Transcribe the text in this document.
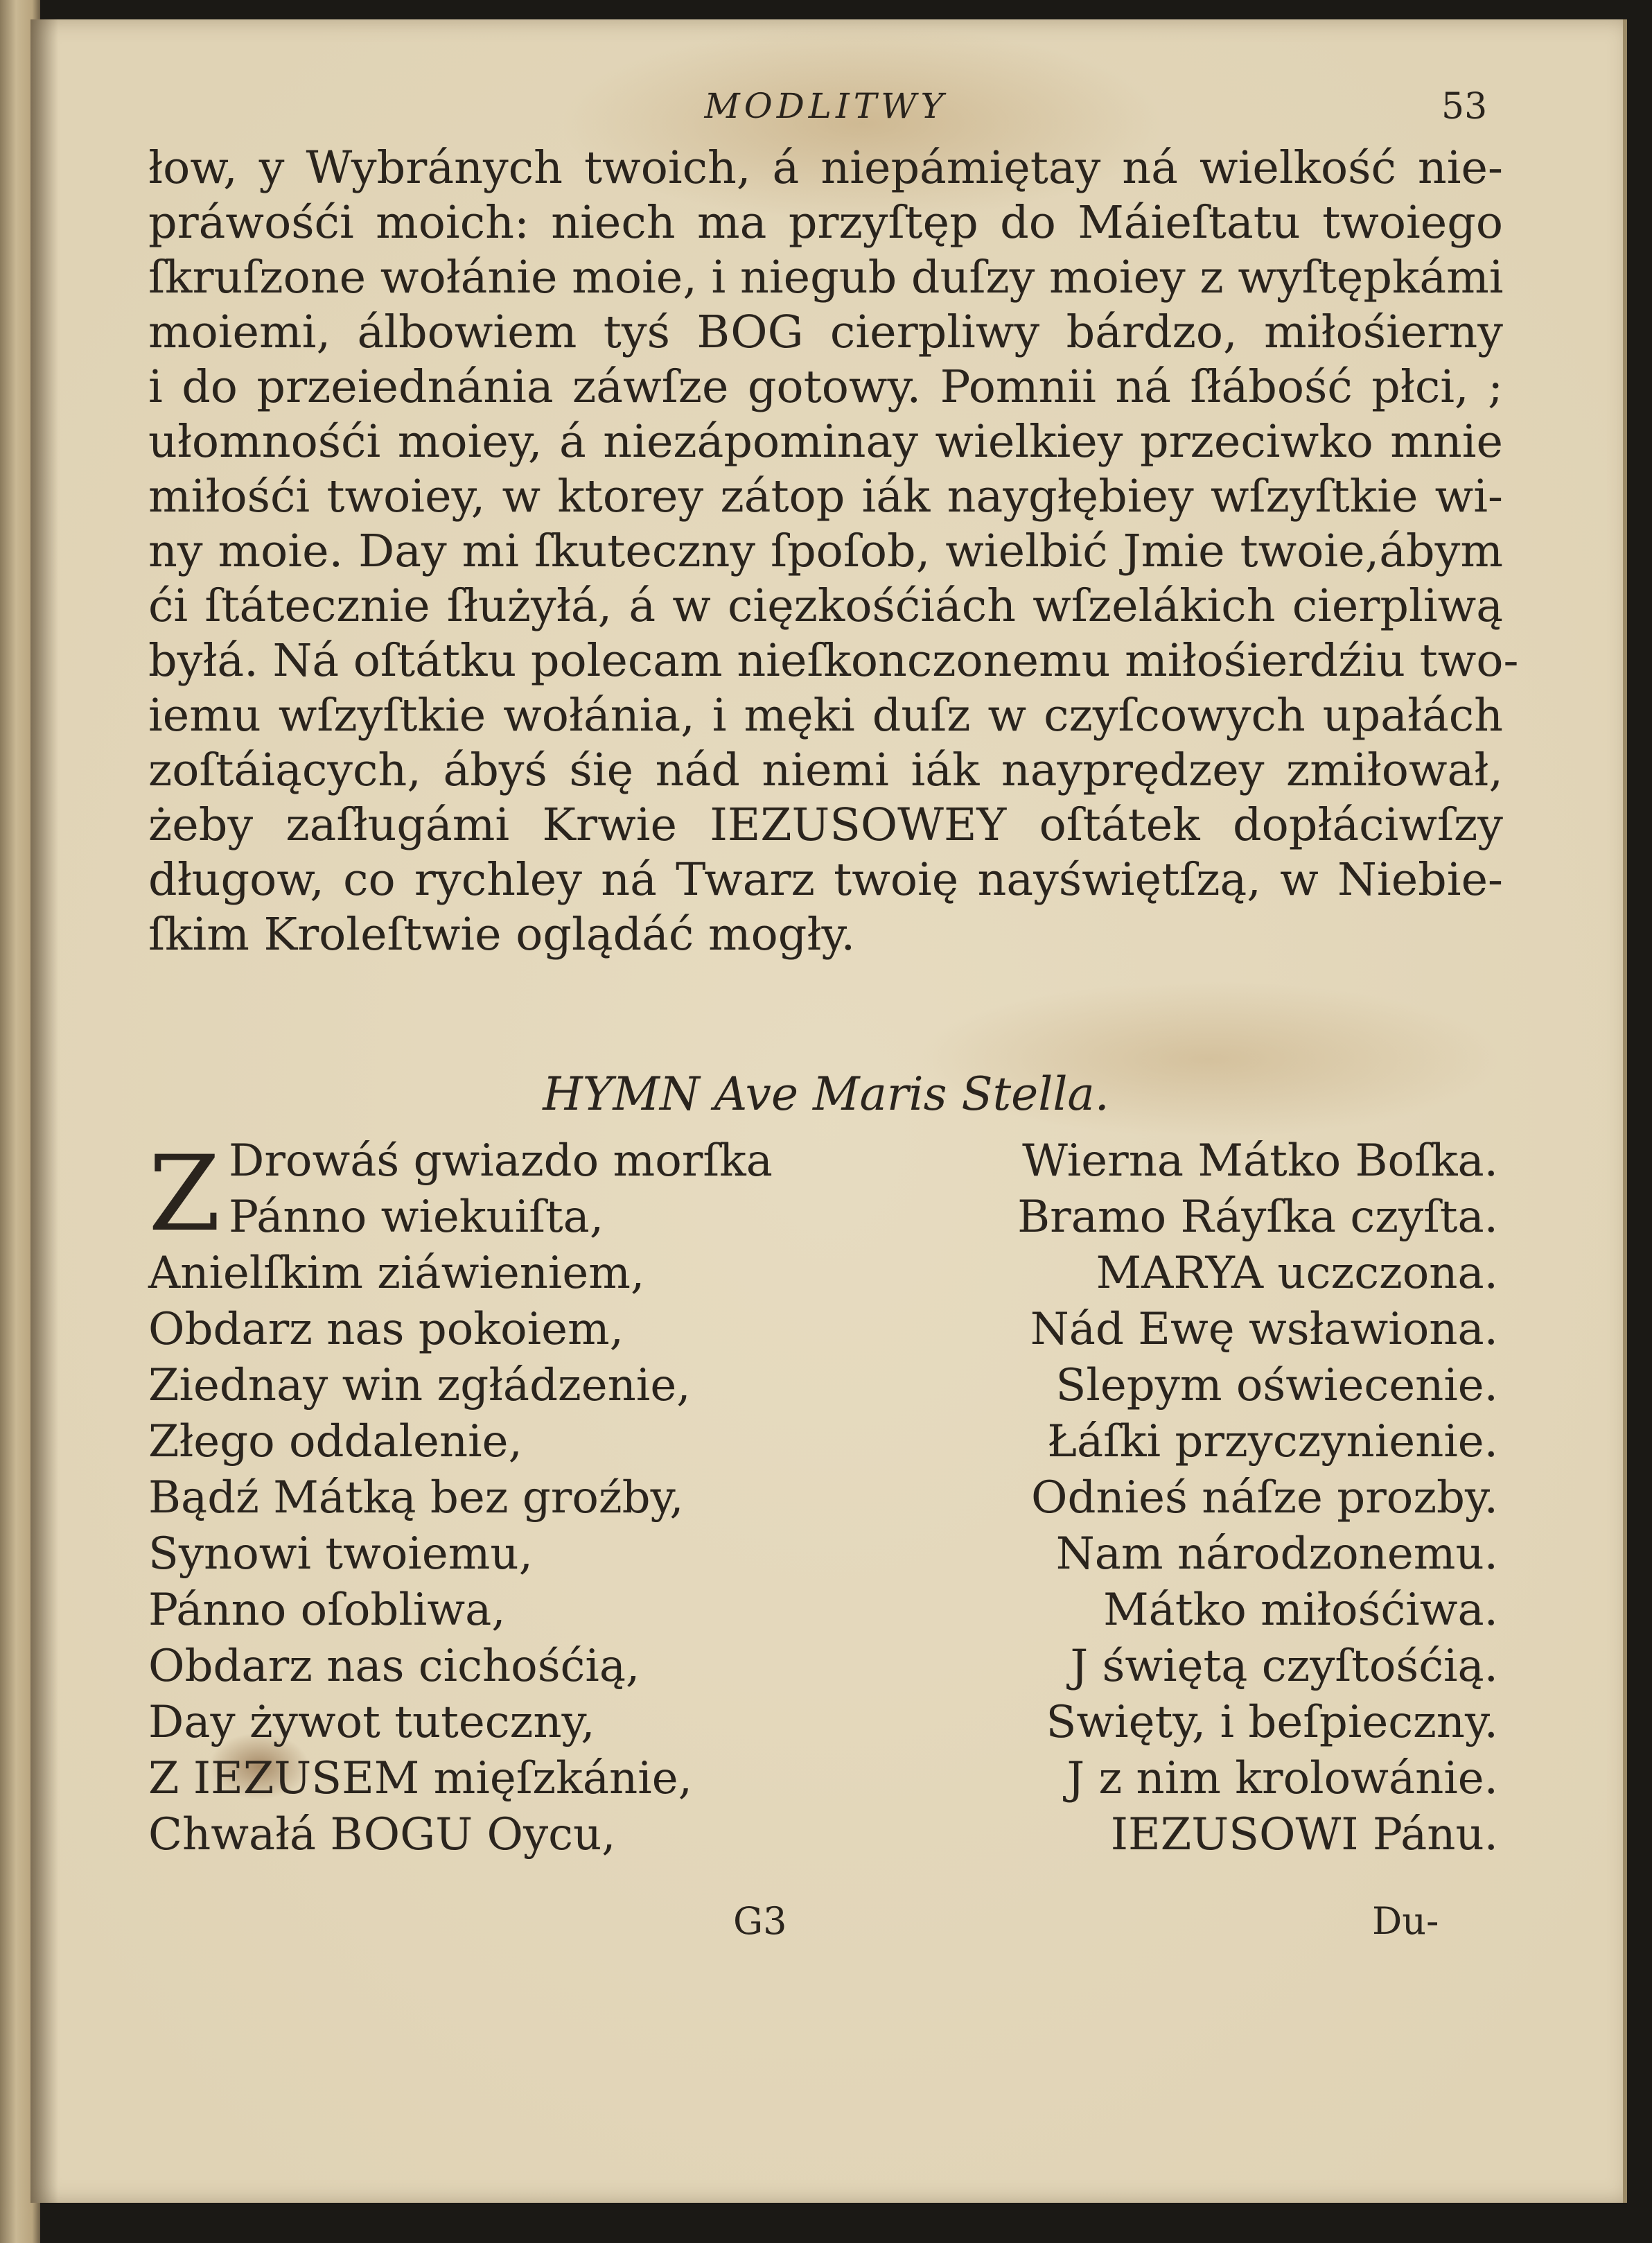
MODLITWY	53
łow, y Wybránych twoich, á niepámiętay ná wielkość nie-
práwośći moich: niech ma przyſtęp do Máieſtatu twoiego
ſkruſzone wołánie moie, i niegub duſzy moiey z wyſtępkámi
moiemi, álbowiem tyś BOG cierpliwy bárdzo, miłośierny
i do przeiednánia záwſze gotowy. Pomnii ná ſłábość płci, ;
ułomnośći moiey, á niezápominay wielkiey przeciwko mnie
miłośći twoiey, w ktorey zátop iák naygłębiey wſzyſtkie wi-
ny moie. Day mi ſkuteczny ſpoſob, wielbić Jmie twoie,ábym
ći ſtátecznie ſłużyłá, á w cięzkośćiách wſzelákich cierpliwą
byłá. Ná oſtátku polecam nieſkonczonemu miłośierdźiu two-
iemu wſzyſtkie wołánia, i męki duſz w czyſcowych upałách
zoſtáiących, ábyś śię nád niemi iák nayprędzey zmiłował,
żeby zaſługámi Krwie IEZUSOWEY oſtátek dopłáciwſzy
długow, co rychley ná Twarz twoię nayświętſzą, w Niebie-
ſkim Kroleſtwie oglądáć mogły.
HYMN Ave Maris Stella.
Z Drowáś gwiazdo morſka
Pánno wiekuiſta,
Anielſkim ziáwieniem,
Obdarz nas pokoiem,
Ziednay win zgłádzenie,
Złego oddalenie,
Bądź Mátką bez groźby,
Synowi twoiemu,
Pánno oſobliwa,
Obdarz nas cichośćią,
Day żywot tuteczny,
Z IEZUSEM mięſzkánie,
Chwałá BOGU Oycu,
Wierna Mátko Boſka.
Bramo Ráyſka czyſta.
MARYA uczczona.
Nád Ewę wsławiona.
Slepym oświecenie.
Łáſki przyczynienie.
Odnieś náſze prozby.
Nam národzonemu.
Mátko miłośćiwa.
J świętą czyſtośćią.
Swięty, i beſpieczny.
J z nim krolowánie.
IEZUSOWI Pánu.
G3	Du-
